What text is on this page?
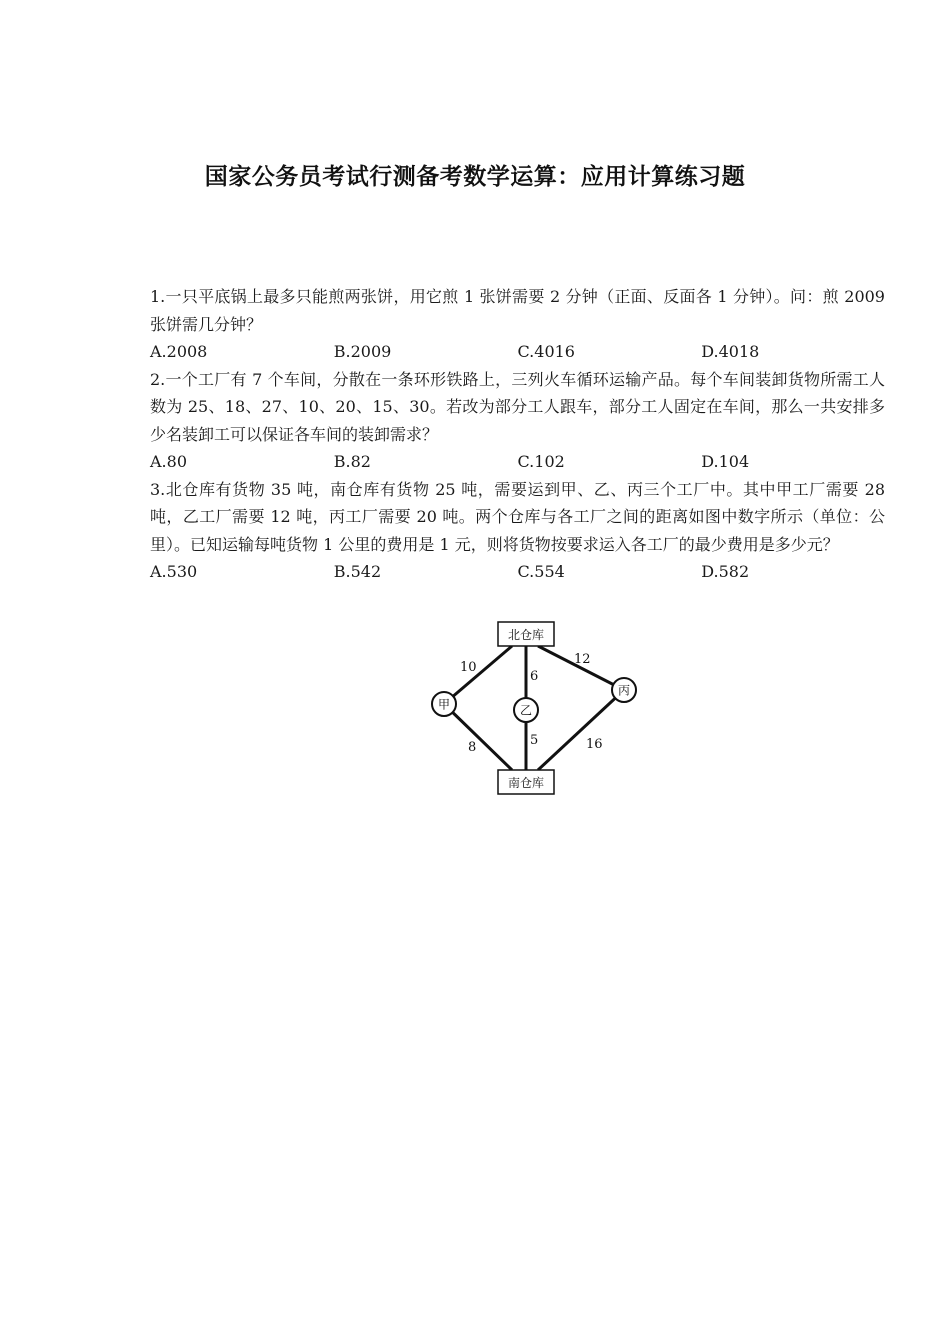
国家公务员考试行测备考数学运算：应用计算练习题

1.一只平底锅上最多只能煎两张饼，用它煎 1 张饼需要 2 分钟（正面、反面各 1 分钟）。问：煎 2009 张饼需几分钟？

A.2008	B.2009	C.4016	D.4018

2.一个工厂有 7 个车间，分散在一条环形铁路上，三列火车循环运输产品。每个车间装卸货物所需工人数为 25、18、27、10、20、15、30。若改为部分工人跟车，部分工人固定在车间，那么一共安排多少名装卸工可以保证各车间的装卸需求？

A.80	B.82	C.102	D.104

3.北仓库有货物 35 吨，南仓库有货物 25 吨，需要运到甲、乙、丙三个工厂中。其中甲工厂需要 28 吨，乙工厂需要 12 吨，丙工厂需要 20 吨。两个仓库与各工厂之间的距离如图中数字所示（单位：公里）。已知运输每吨货物 1 公里的费用是 1 元，则将货物按要求运入各工厂的最少费用是多少元？

A.530	B.542	C.554	D.582
北仓库
南仓库
甲	乙
丙
10
6
12
8	5	16
